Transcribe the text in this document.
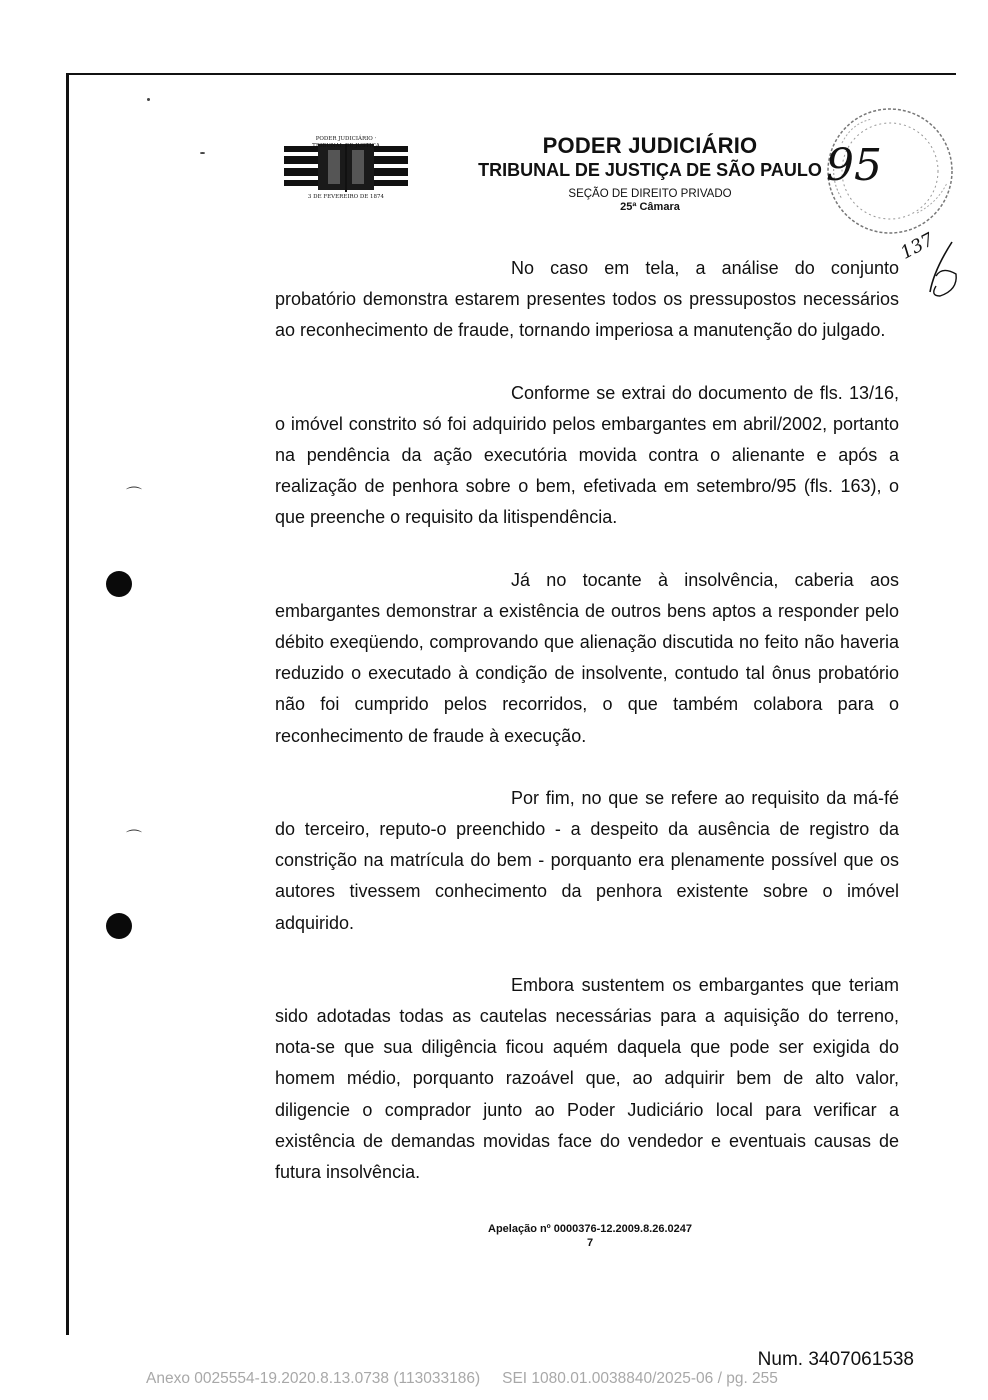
⌒
⌒
PODER JUDICIÁRIO · TRIBUNAL DE JUSTIÇA
3 DE FEVEREIRO DE 1874
PODER JUDICIÁRIO
TRIBUNAL DE JUSTIÇA DE SÃO PAULO
SEÇÃO DE DIREITO PRIVADO
25ª Câmara
95
137

No caso em tela, a análise do conjunto probatório demonstra estarem presentes todos os pressupostos necessários ao reconhecimento de fraude, tornando imperiosa a manutenção do julgado.

Conforme se extrai do documento de fls. 13/16, o imóvel constrito só foi adquirido pelos embargantes em abril/2002, portanto na pendência da ação executória movida contra o alienante e após a realização de penhora sobre o bem, efetivada em setembro/95 (fls. 163), o que preenche o requisito da litispendência.

Já no tocante à insolvência, caberia aos embargantes demonstrar a existência de outros bens aptos a responder pelo débito exeqüendo, comprovando que alienação discutida no feito não haveria reduzido o executado à condição de insolvente, contudo tal ônus probatório não foi cumprido pelos recorridos, o que também colabora para o reconhecimento de fraude à execução.

Por fim, no que se refere ao requisito da má-fé do terceiro, reputo-o preenchido - a despeito da ausência de registro da constrição na matrícula do bem - porquanto era plenamente possível que os autores tivessem conhecimento da penhora existente sobre o imóvel adquirido.

Embora sustentem os embargantes que teriam sido adotadas todas as cautelas necessárias para a aquisição do terreno, nota-se que sua diligência ficou aquém daquela que pode ser exigida do homem médio, porquanto razoável que, ao adquirir bem de alto valor, diligencie o comprador junto ao Poder Judiciário local para verificar a existência de demandas movidas face do vendedor e eventuais causas de futura insolvência.

Apelação nº 0000376-12.2009.8.26.0247
7
Num. 3407061538
Anexo 0025554-19.2020.8.13.0738 (113033186) SEI 1080.01.0038840/2025-06 / pg. 255
